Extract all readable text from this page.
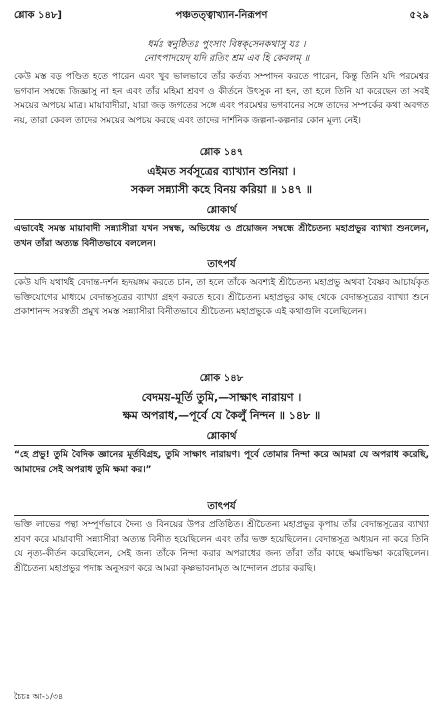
শ্লোক ১৪৮]	পঞ্চতত্ত্বাখ্যান-নিরূপণ	৫২৯
ধর্মঃ স্বনুষ্ঠিতঃ পুংসাং বিষ্বক্‌সেনকথাসু যঃ ।
নোৎপাদয়েদ্ যদি রতিং শ্রম এব হি কেবলম্‌ ॥
কেউ মস্ত বড় পণ্ডিত হতে পারেন এবং খুব ভালভাবে তাঁর কর্তব্য সম্পাদন করতে পারেন, কিন্তু তিনি যদি পরমেশ্বর ভগবান সম্বন্ধে জিজ্ঞাসু না হন এবং তাঁর মহিমা শ্রবণ ও কীর্তনে উৎসুক না হন, তা হলে তিনি যা করেছেন তা সবই সময়ের অপচয় মাত্র। মায়াবাদীরা, যারা জড় জগতের সঙ্গে এবং পরমেশ্বর ভগবানের সঙ্গে তাদের সম্পর্কের কথা অবগত নয়, তারা কেবল তাদের সময়ের অপচয় করছে এবং তাদের দার্শনিক জল্পনা-কল্পনার কোন মূল্য নেই।
শ্লোক ১৪৭
এইমত সর্বসূত্রের ব্যাখ্যান শুনিয়া ।
সকল সন্ন্যাসী কহে বিনয় করিয়া ॥ ১৪৭ ॥
শ্লোকার্থ
এভাবেই সমস্ত মায়াবাদী সন্ন্যাসীরা যখন সম্বন্ধ, অভিধেয় ও প্রয়োজন সম্বন্ধে শ্রীচৈতন্য মহাপ্রভুর ব্যাখ্যা শুনলেন, তখন তাঁরা অত্যন্ত বিনীতভাবে বললেন।
তাৎপর্য
কেউ যদি যথার্থই বেদান্ত-দর্শন হৃদয়ঙ্গম করতে চান, তা হলে তাঁকে অবশ্যই শ্রীচৈতন্য মহাপ্রভু অথবা বৈষ্ণব আচার্যকৃত ভক্তিযোগের মাধ্যমে বেদান্তসূত্রের ব্যাখ্যা গ্রহণ করতে হবে। শ্রীচৈতন্য মহাপ্রভুর কাছ থেকে বেদান্তসূত্রের ব্যাখ্যা শুনে প্রকাশানন্দ সরস্বতী প্রমুখ সমস্ত সন্ন্যাসীরা বিনীতভাবে শ্রীচৈতন্য মহাপ্রভুকে এই কথাগুলি বলেছিলেন।
শ্লোক ১৪৮
বেদময়-মূর্তি তুমি,—সাক্ষাৎ নারায়ণ ।
ক্ষম অপরাধ,—পূর্বে যে কৈলুঁ নিন্দন ॥ ১৪৮ ॥
শ্লোকার্থ
“হে প্রভু! তুমি বৈদিক জ্ঞানের মূর্তবিগ্রহ, তুমি সাক্ষাৎ নারায়ণ। পূর্বে তোমার নিন্দা করে আমরা যে অপরাধ করেছি, আমাদের সেই অপরাধ তুমি ক্ষমা কর।”
তাৎপর্য
ভক্তি লাভের পন্থা সম্পূর্ণভাবে দৈন্য ও বিনয়ের উপর প্রতিষ্ঠিত। শ্রীচৈতন্য মহাপ্রভুর কৃপায় তাঁর বেদান্তসূত্রের ব্যাখ্যা শ্রবণ করে মায়াবাদী সন্ন্যাসীরা অত্যন্ত বিনীত হয়েছিলেন এবং তাঁর ভক্ত হয়েছিলেন। বেদান্তসূত্র অধ্যয়ন না করে তিনি যে নৃত্য-কীর্তন করেছিলেন, সেই জন্য তাঁকে নিন্দা করার অপরাধের জন্য তাঁরা তাঁর কাছে ক্ষমাভিক্ষা করেছিলেন। শ্রীচৈতন্য মহাপ্রভুর পদাঙ্ক অনুসরণ করে আমরা কৃষ্ণভাবনামৃত আন্দোলন প্রচার করছি।
চৈচঃ আ-১/৩৪
